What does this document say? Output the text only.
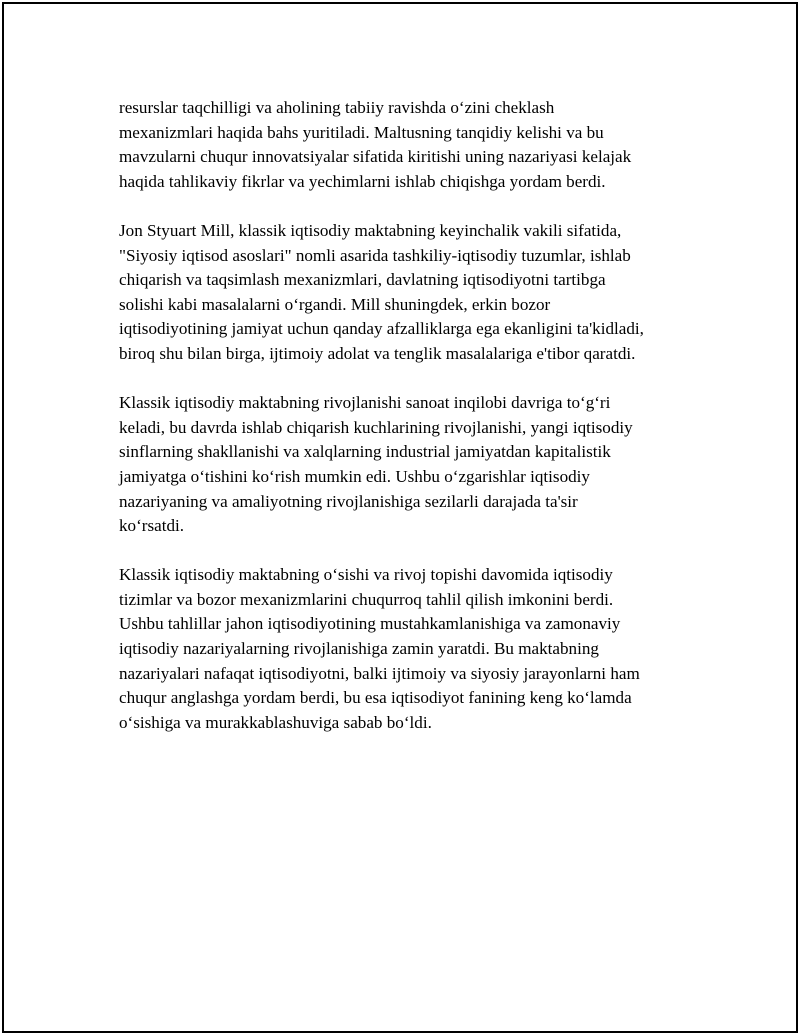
resurslar taqchilligi va aholining tabiiy ravishda o‘zini cheklash
mexanizmlari haqida bahs yuritiladi. Maltusning tanqidiy kelishi va bu
mavzularni chuqur innovatsiyalar sifatida kiritishi uning nazariyasi kelajak
haqida tahlikaviy fikrlar va yechimlarni ishlab chiqishga yordam berdi.

Jon Styuart Mill, klassik iqtisodiy maktabning keyinchalik vakili sifatida,
"Siyosiy iqtisod asoslari" nomli asarida tashkiliy-iqtisodiy tuzumlar, ishlab
chiqarish va taqsimlash mexanizmlari, davlatning iqtisodiyotni tartibga
solishi kabi masalalarni o‘rgandi. Mill shuningdek, erkin bozor
iqtisodiyotining jamiyat uchun qanday afzalliklarga ega ekanligini ta'kidladi,
biroq shu bilan birga, ijtimoiy adolat va tenglik masalalariga e'tibor qaratdi.

Klassik iqtisodiy maktabning rivojlanishi sanoat inqilobi davriga to‘g‘ri
keladi, bu davrda ishlab chiqarish kuchlarining rivojlanishi, yangi iqtisodiy
sinflarning shakllanishi va xalqlarning industrial jamiyatdan kapitalistik
jamiyatga o‘tishini ko‘rish mumkin edi. Ushbu o‘zgarishlar iqtisodiy
nazariyaning va amaliyotning rivojlanishiga sezilarli darajada ta'sir
ko‘rsatdi.

Klassik iqtisodiy maktabning o‘sishi va rivoj topishi davomida iqtisodiy
tizimlar va bozor mexanizmlarini chuqurroq tahlil qilish imkonini berdi.
Ushbu tahlillar jahon iqtisodiyotining mustahkamlanishiga va zamonaviy
iqtisodiy nazariyalarning rivojlanishiga zamin yaratdi. Bu maktabning
nazariyalari nafaqat iqtisodiyotni, balki ijtimoiy va siyosiy jarayonlarni ham
chuqur anglashga yordam berdi, bu esa iqtisodiyot fanining keng ko‘lamda
o‘sishiga va murakkablashuviga sabab bo‘ldi.
